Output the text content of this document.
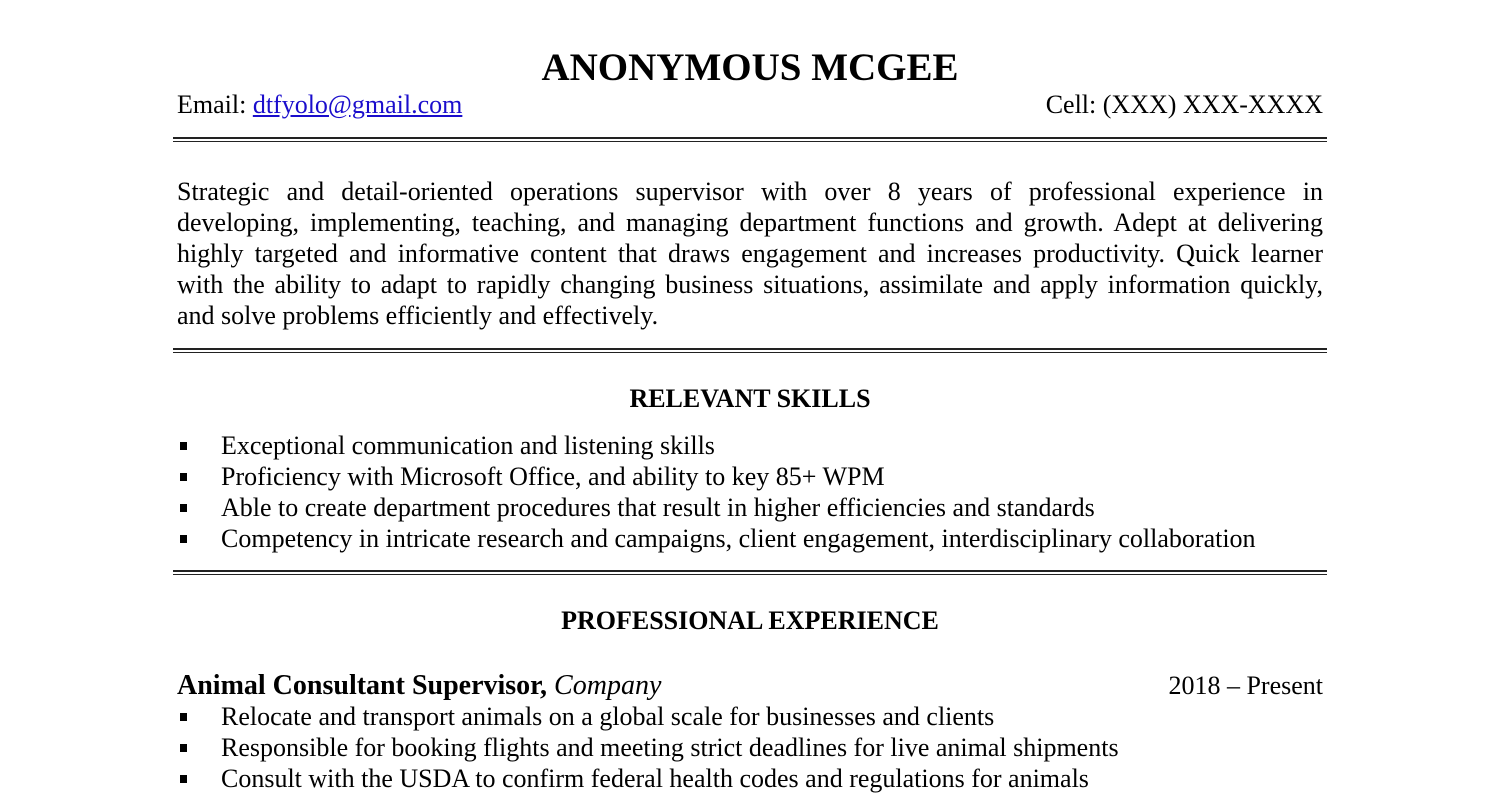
ANONYMOUS MCGEE
Email: dtfyolo@gmail.com	Cell: (XXX) XXX-XXXX
Strategic and detail-oriented operations supervisor with over 8 years of professional experience in
developing, implementing, teaching, and managing department functions and growth. Adept at delivering
highly targeted and informative content that draws engagement and increases productivity. Quick learner
with the ability to adapt to rapidly changing business situations, assimilate and apply information quickly,
and solve problems efficiently and effectively.
RELEVANT SKILLS
Exceptional communication and listening skills
Proficiency with Microsoft Office, and ability to key 85+ WPM
Able to create department procedures that result in higher efficiencies and standards
Competency in intricate research and campaigns, client engagement, interdisciplinary collaboration
PROFESSIONAL EXPERIENCE
Animal Consultant Supervisor, Company	2018 – Present
Relocate and transport animals on a global scale for businesses and clients
Responsible for booking flights and meeting strict deadlines for live animal shipments
Consult with the USDA to confirm federal health codes and regulations for animals
